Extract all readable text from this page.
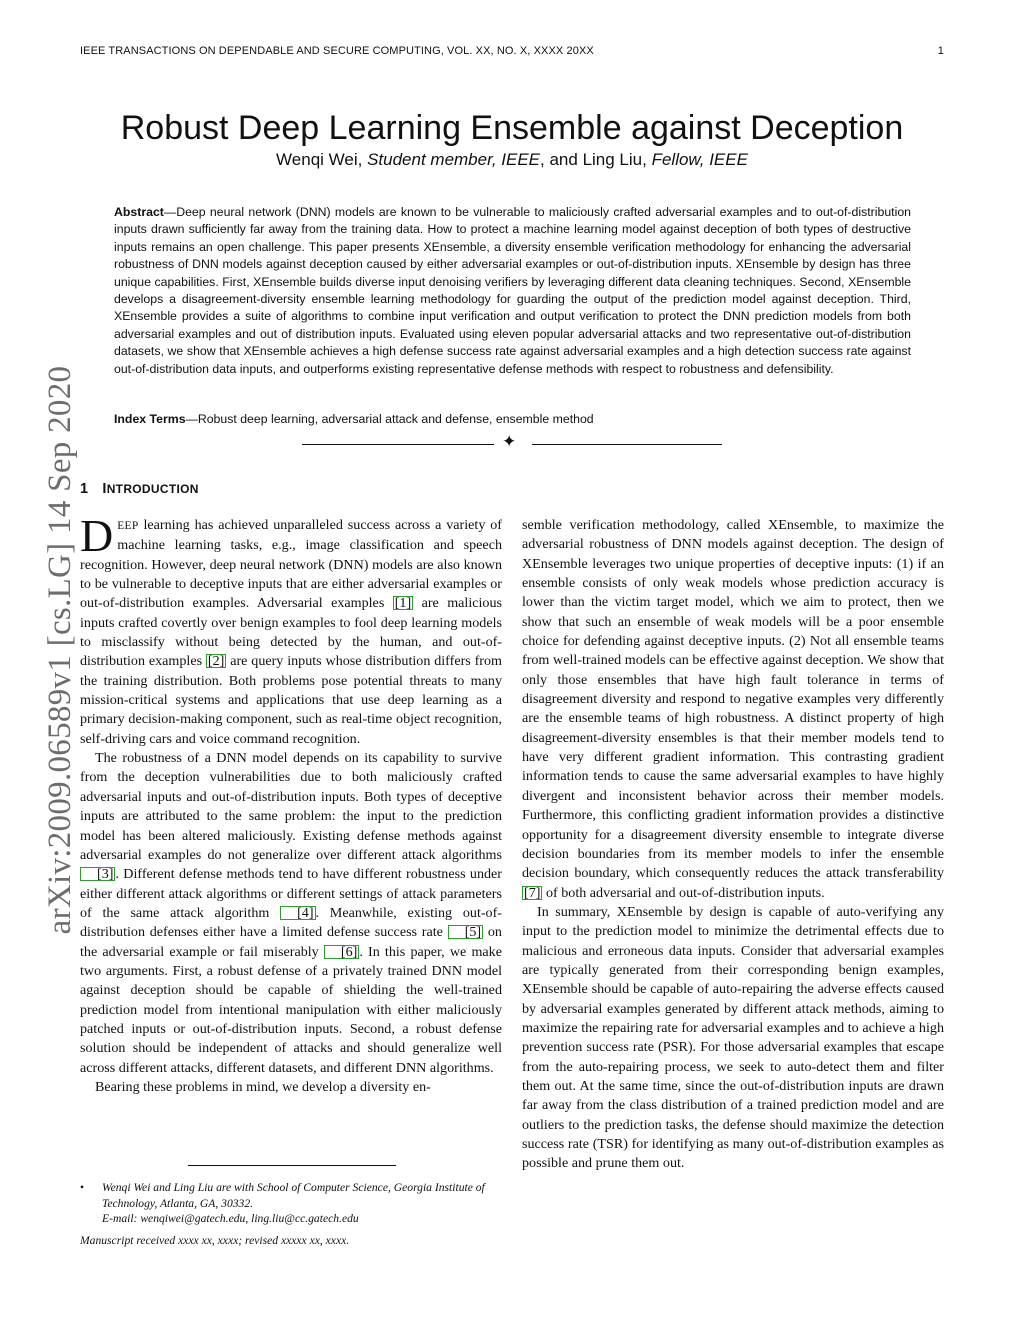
IEEE TRANSACTIONS ON DEPENDABLE AND SECURE COMPUTING, VOL. XX, NO. X, XXXX 20XX	1
arXiv:2009.06589v1 [cs.LG] 14 Sep 2020
Robust Deep Learning Ensemble against Deception
Wenqi Wei, Student member, IEEE, and Ling Liu, Fellow, IEEE
Abstract—Deep neural network (DNN) models are known to be vulnerable to maliciously crafted adversarial examples and to out-of-distribution inputs drawn sufficiently far away from the training data. How to protect a machine learning model against deception of both types of destructive inputs remains an open challenge. This paper presents XEnsemble, a diversity ensemble verification methodology for enhancing the adversarial robustness of DNN models against deception caused by either adversarial examples or out-of-distribution inputs. XEnsemble by design has three unique capabilities. First, XEnsemble builds diverse input denoising verifiers by leveraging different data cleaning techniques. Second, XEnsemble develops a disagreement-diversity ensemble learning methodology for guarding the output of the prediction model against deception. Third, XEnsemble provides a suite of algorithms to combine input verification and output verification to protect the DNN prediction models from both adversarial examples and out of distribution inputs. Evaluated using eleven popular adversarial attacks and two representative out-of-distribution datasets, we show that XEnsemble achieves a high defense success rate against adversarial examples and a high detection success rate against out-of-distribution data inputs, and outperforms existing representative defense methods with respect to robustness and defensibility.
Index Terms—Robust deep learning, adversarial attack and defense, ensemble method
✦
1 INTRODUCTION

DEEP learning has achieved unparalleled success across a variety of machine learning tasks, e.g., image classification and speech recognition. However, deep neural network (DNN) models are also known to be vulnerable to deceptive inputs that are either adversarial examples or out-of-distribution examples. Adversarial examples [1] are malicious inputs crafted covertly over benign examples to fool deep learning models to misclassify without being detected by the human, and out-of-distribution examples [2] are query inputs whose distribution differs from the training distribution. Both problems pose potential threats to many mission-critical systems and applications that use deep learning as a primary decision-making component, such as real-time object recognition, self-driving cars and voice command recognition.

The robustness of a DNN model depends on its capability to survive from the deception vulnerabilities due to both maliciously crafted adversarial inputs and out-of-distribution inputs. Both types of deceptive inputs are attributed to the same problem: the input to the prediction model has been altered maliciously. Existing defense methods against adversarial examples do not generalize over different attack algorithms [3] . Different defense methods tend to have different robustness under either different attack algorithms or different settings of attack parameters of the same attack algorithm [4] . Meanwhile, existing out-of-distribution defenses either have a limited defense success rate [5] on the adversarial example or fail miserably [6] . In this paper, we make two arguments. First, a robust defense of a privately trained DNN model against deception should be capable of shielding the well-trained prediction model from intentional manipulation with either maliciously patched inputs or out-of-distribution inputs. Second, a robust defense solution should be independent of attacks and should generalize well across different attacks, different datasets, and different DNN algorithms.

Bearing these problems in mind, we develop a diversity en-

• Wenqi Wei and Ling Liu are with School of Computer Science, Georgia Institute of Technology, Atlanta, GA, 30332.
E-mail: wenqiwei@gatech.edu, ling.liu@cc.gatech.edu
Manuscript received xxxx xx, xxxx; revised xxxxx xx, xxxx.

semble verification methodology, called XEnsemble, to maximize the adversarial robustness of DNN models against deception. The design of XEnsemble leverages two unique properties of deceptive inputs: (1) if an ensemble consists of only weak models whose prediction accuracy is lower than the victim target model, which we aim to protect, then we show that such an ensemble of weak models will be a poor ensemble choice for defending against deceptive inputs. (2) Not all ensemble teams from well-trained models can be effective against deception. We show that only those ensembles that have high fault tolerance in terms of disagreement diversity and respond to negative examples very differently are the ensemble teams of high robustness. A distinct property of high disagreement-diversity ensembles is that their member models tend to have very different gradient information. This contrasting gradient information tends to cause the same adversarial examples to have highly divergent and inconsistent behavior across their member models. Furthermore, this conflicting gradient information provides a distinctive opportunity for a disagreement diversity ensemble to integrate diverse decision boundaries from its member models to infer the ensemble decision boundary, which consequently reduces the attack transferability [7] of both adversarial and out-of-distribution inputs.

In summary, XEnsemble by design is capable of auto-verifying any input to the prediction model to minimize the detrimental effects due to malicious and erroneous data inputs. Consider that adversarial examples are typically generated from their corresponding benign examples, XEnsemble should be capable of auto-repairing the adverse effects caused by adversarial examples generated by different attack methods, aiming to maximize the repairing rate for adversarial examples and to achieve a high prevention success rate (PSR). For those adversarial examples that escape from the auto-repairing process, we seek to auto-detect them and filter them out. At the same time, since the out-of-distribution inputs are drawn far away from the class distribution of a trained prediction model and are outliers to the prediction tasks, the defense should maximize the detection success rate (TSR) for identifying as many out-of-distribution examples as possible and prune them out.
